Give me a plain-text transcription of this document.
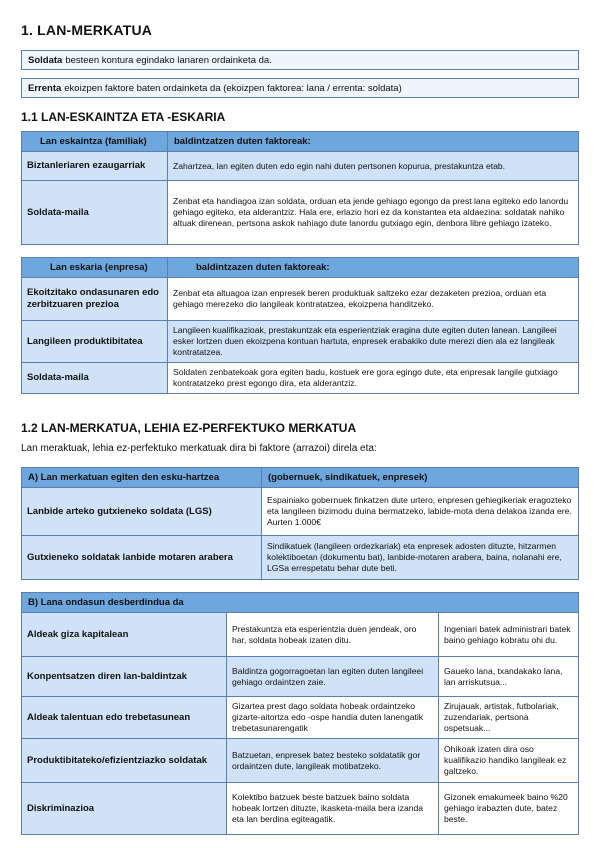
1. LAN-MERKATUA
Soldata besteen kontura egindako lanaren ordainketa da.
Errenta ekoizpen faktore baten ordainketa da (ekoizpen faktorea: lana / errenta: soldata)
1.1 LAN-ESKAINTZA ETA -ESKARIA
Lan eskaintza (familiak)	baldintzatzen duten faktoreak:
Biztanleriaren ezaugarriak	Zahartzea, lan egiten duten edo egin nahi duten pertsonen kopurua, prestakuntza etab.
Soldata-maila	Zenbat eta handiagoa izan soldata, orduan eta jende gehiago egongo da prest lana egiteko edo lanordu gehiago egiteko, eta alderantziz. Hala ere, erlazio hori ez da konstantea eta aldaezina: soldatak nahiko altuak direnean, pertsona askok nahiago dute lanordu gutxiago egin, denbora libre gehiago izateko.
Lan eskaria (enpresa)	baldintzazen duten faktoreak:
Ekoitzitako ondasunaren edo zerbitzuaren prezioa	Zenbat eta altuagoa izan enpresek beren produktuak saltzeko ezar dezaketen prezioa, orduan eta gehiago merezeko dio langileak kontratatzea, ekoizpena handitzeko.
Langileen produktibitatea	Langileen kualifikazioak, prestakuntzak eta esperientziak eragina dute egiten duten lanean. Langileei esker lortzen duen ekoizpena kontuan hartuta, enpresek erabakiko dute merezi dien ala ez langileak kontratatzea.
Soldata-maila	Soldaten zenbatekoak gora egiten badu, kostuek ere gora egingo dute, eta enpresak langile gutxiago kontratatzeko prest egongo dira, eta alderantziz.
1.2 LAN-MERKATUA, LEHIA EZ-PERFEKTUKO MERKATUA
Lan meraktuak, lehia ez-perfektuko merkatuak dira bi faktore (arrazoi) direla eta:
A) Lan merkatuan egiten den esku-hartzea	(gobernuek, sindikatuek, enpresek)
Lanbide arteko gutxieneko soldata (LGS)	Espainiako gobernuek finkatzen dute urtero, enpresen gehiegikeriak eragozteko eta langileen bizimodu duina bermatzeko, labide-mota dena delakoa izanda ere. Aurten 1.000€
Gutxieneko soldatak lanbide motaren arabera	Sindikatuek (langileen ordezkariak) eta enpresek adosten dituzte, hitzarmen kolektiboetan (dokumentu bat), lanbide-motaren arabera, baina, nolanahi ere, LGSa errespetatu behar dute beti.
B) Lana ondasun desberdindua da		
Aldeak giza kapitalean	Prestakuntza eta esperientzia duen jendeak, oro har, soldata hobeak izaten ditu.	Ingeniari batek administrari batek baino gehiago kobratu ohi du.
Konpentsatzen diren lan-baldintzak	Baldintza gogorragoetan lan egiten duten langileei gehiago ordaintzen zaie.	Gaueko lana, txandakako lana, lan arriskutsua...
Aldeak talentuan edo trebetasunean	Gizartea prest dago soldata hobeak ordaintzeko gizarte-aitortza edo -ospe handia duten lanengatik trebetasunarengatik	Zirujauak, artistak, futbolariak, zuzendariak, pertsona ospetsuak...
Produktibitateko/efizientziazko soldatak	Batzuetan, enpresek batez besteko soldatatik gor ordaintzen dute, langileak motibatzeko.	Ohikoak izaten dira oso kualifikazio handiko langileak ez galtzeko.
Diskriminazioa	Kolektibo batzuek beste batzuek baino soldata hobeak lortzen dituzte, ikasketa-maila bera izanda eta lan berdina egiteagatik.	Gizonek emakumeek baino %20 gehiago irabazten dute, batez beste.
